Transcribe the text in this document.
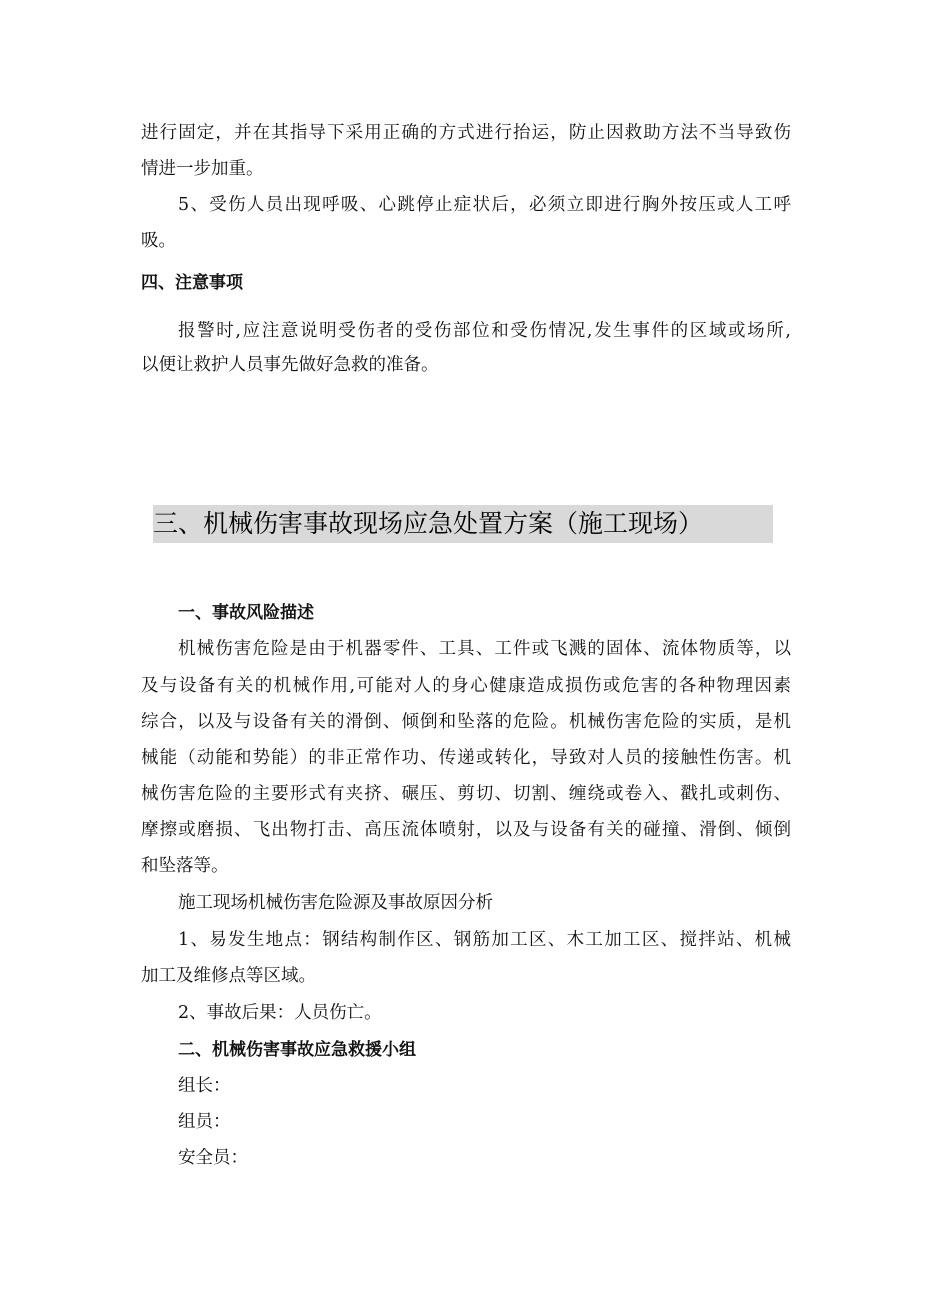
进行固定，并在其指导下采用正确的方式进行抬运，防止因救助方法不当导致伤
情进一步加重。
5、受伤人员出现呼吸、心跳停止症状后，必须立即进行胸外按压或人工呼
吸。
四、注意事项
报警时,应注意说明受伤者的受伤部位和受伤情况,发生事件的区域或场所,
以便让救护人员事先做好急救的准备。
三、机械伤害事故现场应急处置方案（施工现场）
一、事故风险描述
机械伤害危险是由于机器零件、工具、工件或飞溅的固体、流体物质等，以
及与设备有关的机械作用,可能对人的身心健康造成损伤或危害的各种物理因素
综合，以及与设备有关的滑倒、倾倒和坠落的危险。机械伤害危险的实质，是机
械能（动能和势能）的非正常作功、传递或转化，导致对人员的接触性伤害。机
械伤害危险的主要形式有夹挤、碾压、剪切、切割、缠绕或卷入、戳扎或刺伤、
摩擦或磨损、飞出物打击、高压流体喷射，以及与设备有关的碰撞、滑倒、倾倒
和坠落等。
施工现场机械伤害危险源及事故原因分析
1、易发生地点：钢结构制作区、钢筋加工区、木工加工区、搅拌站、机械
加工及维修点等区域。
2、事故后果：人员伤亡。
二、机械伤害事故应急救援小组
组长：
组员：
安全员：
